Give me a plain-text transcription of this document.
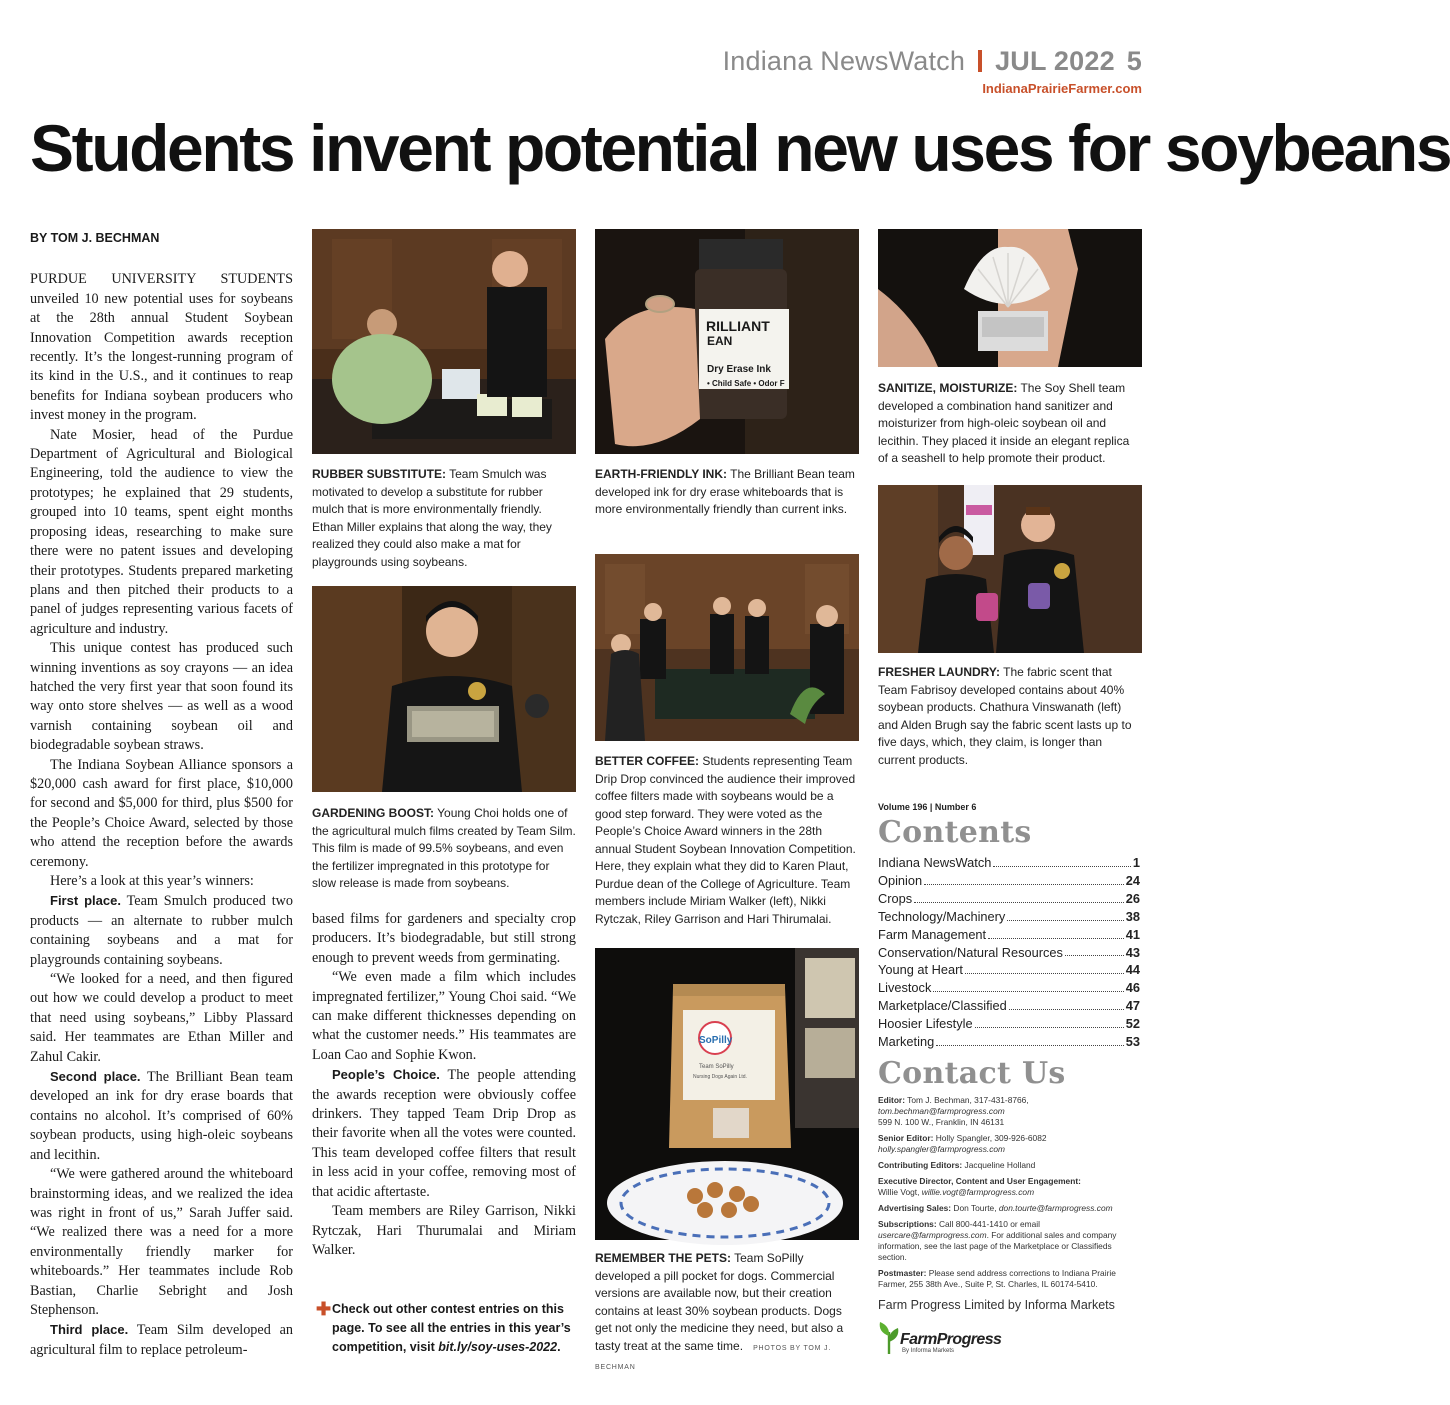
Indiana NewsWatch JUL 2022 5
IndianaPrairieFarmer.com
Students invent potential new uses for soybeans
BY TOM J. BECHMAN

PURDUE UNIVERSITY STUDENTS unveiled 10 new potential uses for soybeans at the 28th annual Student Soybean Innovation Competition awards reception recently. It’s the longest-running program of its kind in the U.S., and it continues to reap benefits for Indiana soybean producers who invest money in the program.

Nate Mosier, head of the Purdue Department of Agricultural and Biological Engineering, told the audience to view the prototypes; he explained that 29 students, grouped into 10 teams, spent eight months proposing ideas, researching to make sure there were no patent issues and developing their prototypes. Students prepared marketing plans and then pitched their products to a panel of judges representing various facets of agriculture and industry.

This unique contest has produced such winning inventions as soy crayons — an idea hatched the very first year that soon found its way onto store shelves — as well as a wood varnish containing soybean oil and biodegradable soybean straws.

The Indiana Soybean Alliance sponsors a $20,000 cash award for first place, $10,000 for second and $5,000 for third, plus $500 for the People’s Choice Award, selected by those who attend the reception before the awards ceremony.

Here’s a look at this year’s winners:

First place. Team Smulch produced two products — an alternate to rubber mulch containing soybeans and a mat for playgrounds containing soybeans.

“We looked for a need, and then figured out how we could develop a product to meet that need using soybeans,” Libby Plassard said. Her teammates are Ethan Miller and Zahul Cakir.

Second place. The Brilliant Bean team developed an ink for dry erase boards that contains no alcohol. It’s comprised of 60% soybean products, using high-oleic soybeans and lecithin.

“We were gathered around the whiteboard brainstorming ideas, and we realized the idea was right in front of us,” Sarah Juffer said. “We realized there was a need for a more environmentally friendly marker for whiteboards.” Her teammates include Rob Bastian, Charlie Sebright and Josh Stephenson.

Third place. Team Silm developed an agricultural film to replace petroleum-

RUBBER SUBSTITUTE: Team Smulch was motivated to develop a substitute for rubber mulch that is more environmentally friendly. Ethan Miller explains that along the way, they realized they could also make a mat for playgrounds using soybeans.
GARDENING BOOST: Young Choi holds one of the agricultural mulch films created by Team Silm. This film is made of 99.5% soybeans, and even the fertilizer impregnated in this prototype for slow release is made from soybeans.

based films for gardeners and specialty crop producers. It’s biodegradable, but still strong enough to prevent weeds from germinating.

“We even made a film which includes impregnated fertilizer,” Young Choi said. “We can make different thicknesses depending on what the customer needs.” His teammates are Loan Cao and Sophie Kwon.

People’s Choice. The people attending the awards reception were obviously coffee drinkers. They tapped Team Drip Drop as their favorite when all the votes were counted. This team developed coffee filters that result in less acid in your coffee, removing most of that acidic aftertaste.

Team members are Riley Garrison, Nikki Rytczak, Hari Thurumalai and Miriam Walker.

✚ Check out other contest entries on this page. To see all the entries in this year’s competition, visit bit.ly/soy-uses-2022.
RILLIANT
EAN
Dry Erase Ink
• Child Safe • Odor F
EARTH-FRIENDLY INK: The Brilliant Bean team developed ink for dry erase whiteboards that is more environmentally friendly than current inks.
BETTER COFFEE: Students representing Team Drip Drop convinced the audience their improved coffee filters made with soybeans would be a good step forward. They were voted as the People’s Choice Award winners in the 28th annual Student Soybean Innovation Competition. Here, they explain what they did to Karen Plaut, Purdue dean of the College of Agriculture. Team members include Miriam Walker (left), Nikki Rytczak, Riley Garrison and Hari Thirumalai.
SoPilly
Team SoPilly
Nursing Dogs Again Ltd.
REMEMBER THE PETS: Team SoPilly developed a pill pocket for dogs. Commercial versions are available now, but their creation contains at least 30% soybean products. Dogs get not only the medicine they need, but also a tasty treat at the same time. PHOTOS BY TOM J. BECHMAN
SANITIZE, MOISTURIZE: The Soy Shell team developed a combination hand sanitizer and moisturizer from high-oleic soybean oil and lecithin. They placed it inside an elegant replica of a seashell to help promote their product.
FRESHER LAUNDRY: The fabric scent that Team Fabrisoy developed contains about 40% soybean products. Chathura Vinswanath (left) and Alden Brugh say the fabric scent lasts up to five days, which, they claim, is longer than current products.
Volume 196 | Number 6
Contents
Indiana NewsWatch	1
Opinion	24
Crops	26
Technology/Machinery	38
Farm Management	41
Conservation/Natural Resources	43
Young at Heart	44
Livestock	46
Marketplace/Classified	47
Hoosier Lifestyle	52
Marketing	53
Contact Us
Editor: Tom J. Bechman, 317-431-8766, tom.bechman@farmprogress.com
599 N. 100 W., Franklin, IN 46131
Senior Editor: Holly Spangler, 309-926-6082
holly.spangler@farmprogress.com
Contributing Editors: Jacqueline Holland
Executive Director, Content and User Engagement:
Willie Vogt, willie.vogt@farmprogress.com
Advertising Sales: Don Tourte, don.tourte@farmprogress.com
Subscriptions: Call 800-441-1410 or email usercare@farmprogress.com. For additional sales and company information, see the last page of the Marketplace or Classifieds section.
Postmaster: Please send address corrections to Indiana Prairie Farmer, 255 38th Ave., Suite P, St. Charles, IL 60174-5410.
Farm Progress Limited by Informa Markets
FarmProgress
By Informa Markets
